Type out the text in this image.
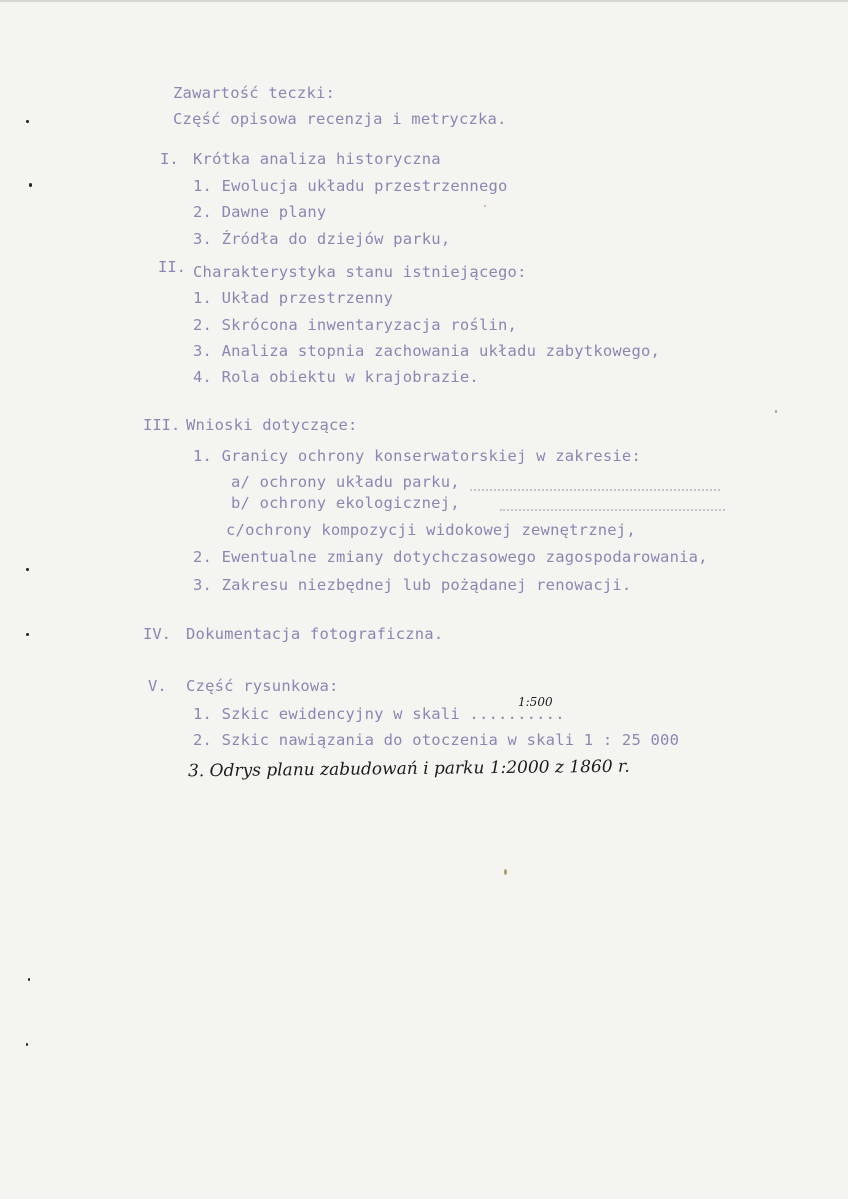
Zawartość teczki:
Część opisowa recenzja i metryczka.
I. Krótka analiza historyczna
1. Ewolucja układu przestrzennego
2. Dawne plany
3. Źródła do dziejów parku,
II. Charakterystyka stanu istniejącego:
1. Układ przestrzenny
2. Skrócona inwentaryzacja roślin,
3. Analiza stopnia zachowania układu zabytkowego,
4. Rola obiektu w krajobrazie.
III. Wnioski dotyczące:
1. Granicy ochrony konserwatorskiej w zakresie:
a/ ochrony układu parku,
b/ ochrony ekologicznej,
c/ochrony kompozycji widokowej zewnętrznej,
2. Ewentualne zmiany dotychczasowego zagospodarowania,
3. Zakresu niezbędnej lub pożądanej renowacji.
IV. Dokumentacja fotograficzna.
V. Część rysunkowa:
1. Szkic ewidencyjny w skali ..........
1:500
2. Szkic nawiązania do otoczenia w skali 1 : 25 000
3. Odrys planu zabudowań i parku 1:2000 z 1860 r.
